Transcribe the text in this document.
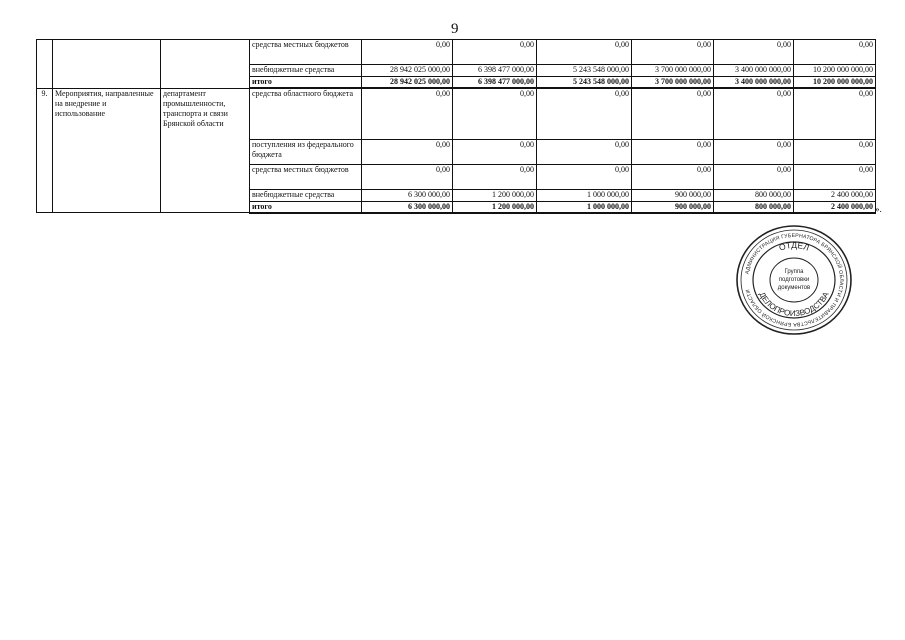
9
			средства местных бюджетов	0,00	0,00	0,00	0,00	0,00	0,00
			внебюджетные средства	28 942 025 000,00	6 398 477 000,00	5 243 548 000,00	3 700 000 000,00	3 400 000 000,00	10 200 000 000,00
			итого	28 942 025 000,00	6 398 477 000,00	5 243 548 000,00	3 700 000 000,00	3 400 000 000,00	10 200 000 000,00
9.	Мероприятия, направленные на внедрение и использование	департамент промышленности, транспорта и связи Брянской области	средства областного бюджета	0,00	0,00	0,00	0,00	0,00	0,00
			поступления из федерального бюджета	0,00	0,00	0,00	0,00	0,00	0,00
			средства местных бюджетов	0,00	0,00	0,00	0,00	0,00	0,00
			внебюджетные средства	6 300 000,00	1 200 000,00	1 000 000,00	900 000,00	800 000,00	2 400 000,00
			итого	6 300 000,00	1 200 000,00	1 000 000,00	900 000,00	800 000,00	2 400 000,00 ».
АДМИНИСТРАЦИЯ ГУБЕРНАТОРА БРЯНСКОЙ ОБЛАСТИ И ПРАВИТЕЛЬСТВА БРЯНСКОЙ ОБЛАСТИ
ОТДЕЛ
ДЕЛОПРОИЗВОДСТВА
Группа
подготовки
документов
